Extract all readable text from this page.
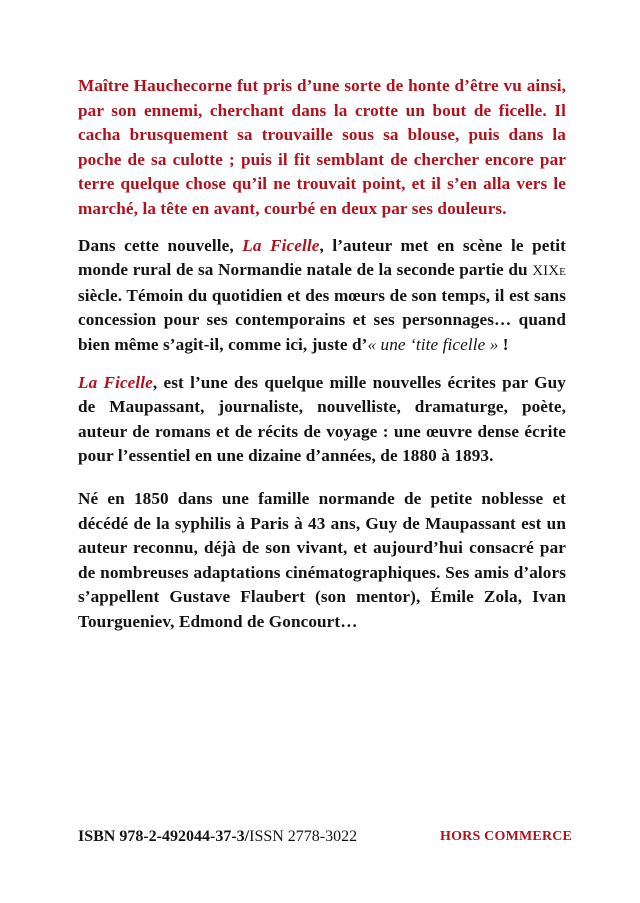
Maître Hauchecorne fut pris d’une sorte de honte d’être vu ainsi, par son ennemi, cherchant dans la crotte un bout de ficelle. Il cacha brusquement sa trouvaille sous sa blouse, puis dans la poche de sa culotte ; puis il fit semblant de chercher encore par terre quelque chose qu’il ne trouvait point, et il s’en alla vers le marché, la tête en avant, courbé en deux par ses douleurs.

Dans cette nouvelle, La Ficelle, l’auteur met en scène le petit monde rural de sa Normandie natale de la seconde partie du XIXe siècle. Témoin du quotidien et des mœurs de son temps, il est sans concession pour ses contemporains et ses personnages… quand bien même s’agit-il, comme ici, juste d’« une ‘tite ficelle » !

La Ficelle, est l’une des quelque mille nouvelles écrites par Guy de Maupassant, journaliste, nouvelliste, dramaturge, poète, auteur de romans et de récits de voyage : une œuvre dense écrite pour l’essentiel en une dizaine d’années, de 1880 à 1893.

Né en 1850 dans une famille normande de petite noblesse et décédé de la syphilis à Paris à 43 ans, Guy de Maupassant est un auteur reconnu, déjà de son vivant, et aujourd’hui consacré par de nombreuses adaptations cinématographiques. Ses amis d’alors s’appellent Gustave Flaubert (son mentor), Émile Zola, Ivan Tourgueniev, Edmond de Goncourt…

ISBN 978-2-492044-37-3/ISSN 2778-3022	HORS COMMERCE
